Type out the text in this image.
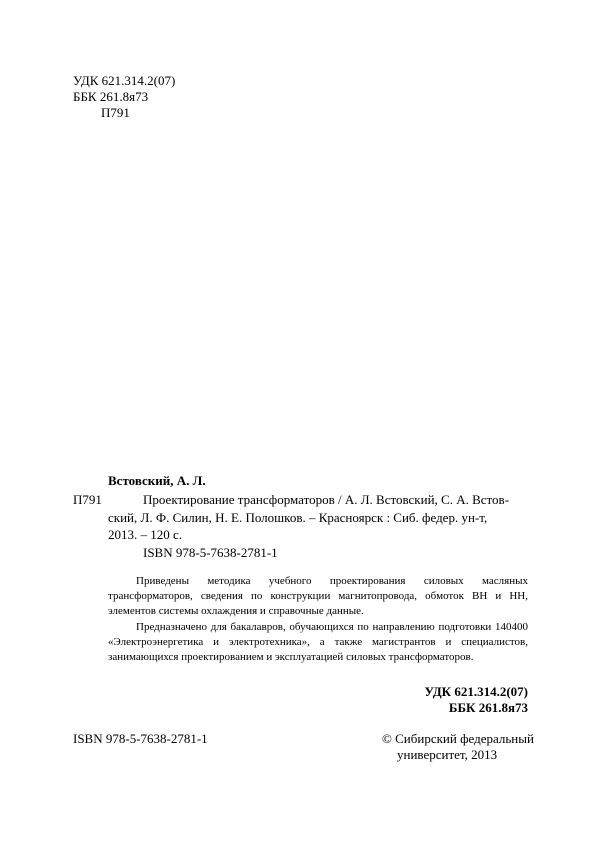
УДК 621.314.2(07)
ББК 261.8я73
П791
Встовский, А. Л.
П791	Проектирование трансформаторов / А. Л. Встовский, С. А. Встов-
ский, Л. Ф. Силин, Н. Е. Полошков. – Красноярск : Сиб. федер. ун-т,
2013. – 120 с.
ISBN 978-5-7638-2781-1
Приведены методика учебного проектирования силовых масляных трансформаторов, сведения по конструкции магнитопровода, обмоток ВН и НН, элементов системы охлаждения и справочные данные.
Предназначено для бакалавров, обучающихся по направлению подготовки 140400 «Электроэнергетика и электротехника», а также магистрантов и специалистов, занимающихся проектированием и эксплуатацией силовых трансформаторов.
УДК 621.314.2(07)
ББК 261.8я73
ISBN 978-5-7638-2781-1	© Сибирский федеральный
университет, 2013
